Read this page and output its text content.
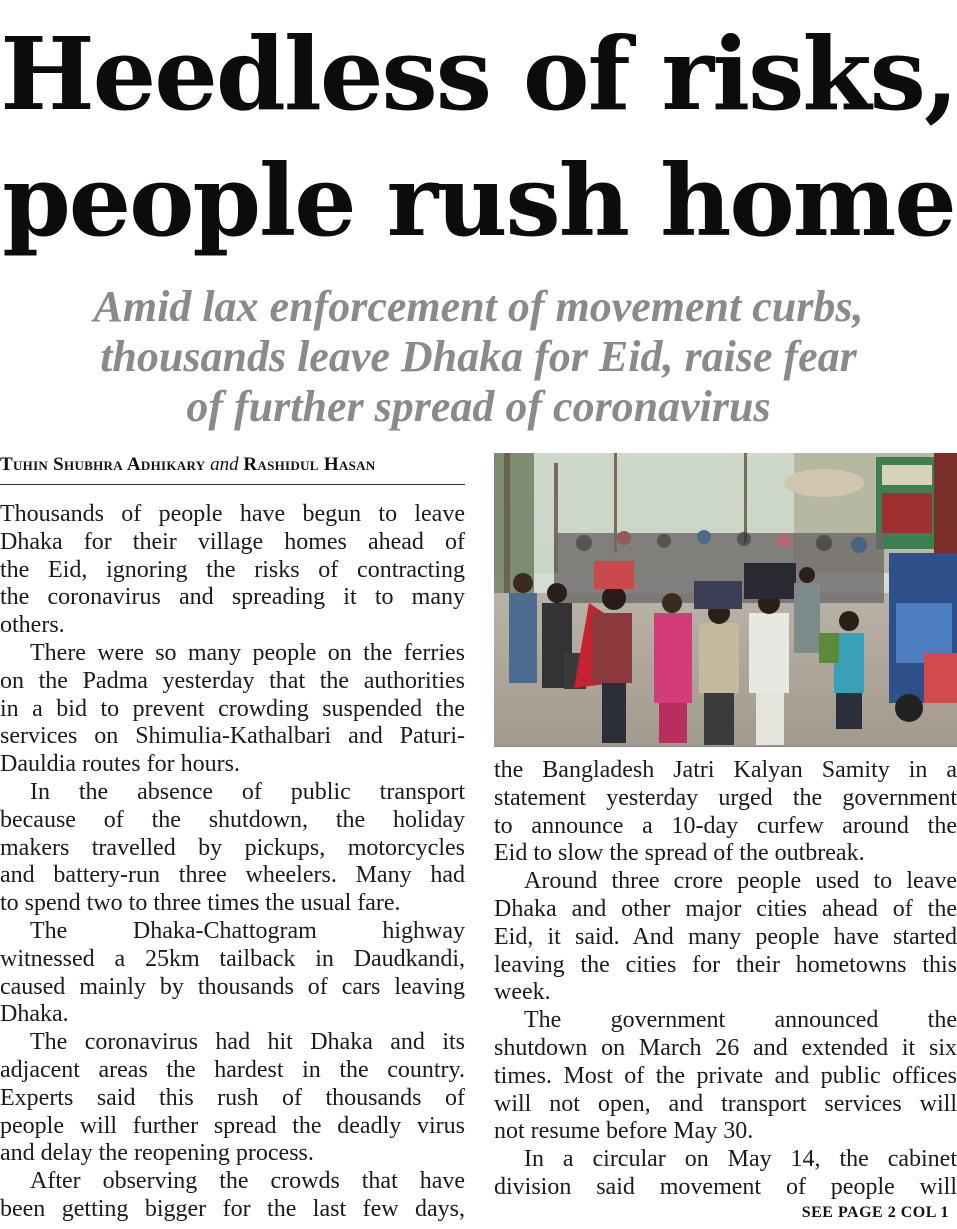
Heedless of risks,
people rush home
Amid lax enforcement of movement curbs,
thousands leave Dhaka for Eid, raise fear
of further spread of coronavirus
Tuhin Shubhra Adhikary and Rashidul Hasan
Thousands of people have begun to leave
Dhaka for their village homes ahead of
the Eid, ignoring the risks of contracting
the coronavirus and spreading it to many
others.
There were so many people on the ferries
on the Padma yesterday that the authorities
in a bid to prevent crowding suspended the
services on Shimulia-Kathalbari and Paturi-
Dauldia routes for hours.
In the absence of public transport
because of the shutdown, the holiday
makers travelled by pickups, motorcycles
and battery-run three wheelers. Many had
to spend two to three times the usual fare.
The Dhaka-Chattogram highway
witnessed a 25km tailback in Daudkandi,
caused mainly by thousands of cars leaving
Dhaka.
The coronavirus had hit Dhaka and its
adjacent areas the hardest in the country.
Experts said this rush of thousands of
people will further spread the deadly virus
and delay the reopening process.
After observing the crowds that have
been getting bigger for the last few days,
the Bangladesh Jatri Kalyan Samity in a
statement yesterday urged the government
to announce a 10-day curfew around the
Eid to slow the spread of the outbreak.
Around three crore people used to leave
Dhaka and other major cities ahead of the
Eid, it said. And many people have started
leaving the cities for their hometowns this
week.
The government announced the
shutdown on March 26 and extended it six
times. Most of the private and public offices
will not open, and transport services will
not resume before May 30.
In a circular on May 14, the cabinet
division said movement of people will
SEE PAGE 2 COL 1
